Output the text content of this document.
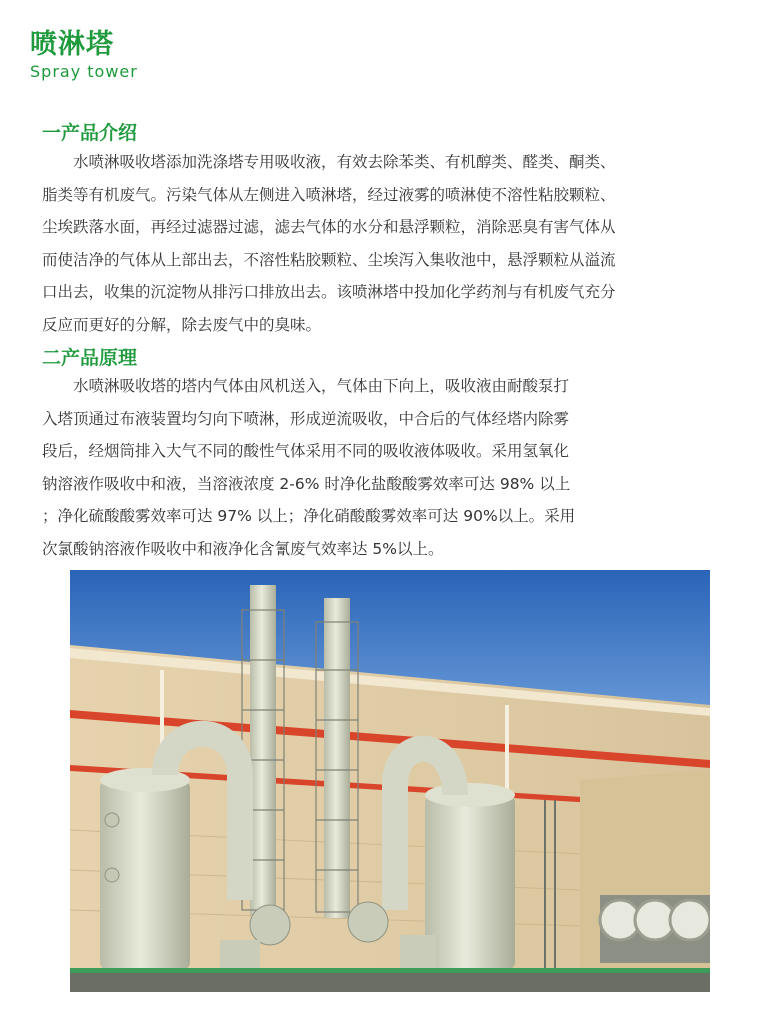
喷淋塔
Spray tower
一产品介绍
　　水喷淋吸收塔添加洗涤塔专用吸收液，有效去除苯类、有机醇类、醛类、酮类、
脂类等有机废气。污染气体从左侧进入喷淋塔，经过液雾的喷淋使不溶性粘胶颗粒、
尘埃跌落水面，再经过滤器过滤，滤去气体的水分和悬浮颗粒，消除恶臭有害气体从
而使洁净的气体从上部出去，不溶性粘胶颗粒、尘埃泻入集收池中，悬浮颗粒从溢流
口出去，收集的沉淀物从排污口排放出去。该喷淋塔中投加化学药剂与有机废气充分
反应而更好的分解，除去废气中的臭味。
二产品原理
　　水喷淋吸收塔的塔内气体由风机送入，气体由下向上，吸收液由耐酸泵打
入塔顶通过布液装置均匀向下喷淋，形成逆流吸收，中合后的气体经塔内除雾
段后，经烟筒排入大气不同的酸性气体采用不同的吸收液体吸收。采用氢氧化
钠溶液作吸收中和液，当溶液浓度 2-6% 时净化盐酸酸雾效率可达 98% 以上
；净化硫酸酸雾效率可达 97% 以上；净化硝酸酸雾效率可达 90%以上。采用
次氯酸钠溶液作吸收中和液净化含氰废气效率达 5%以上。
